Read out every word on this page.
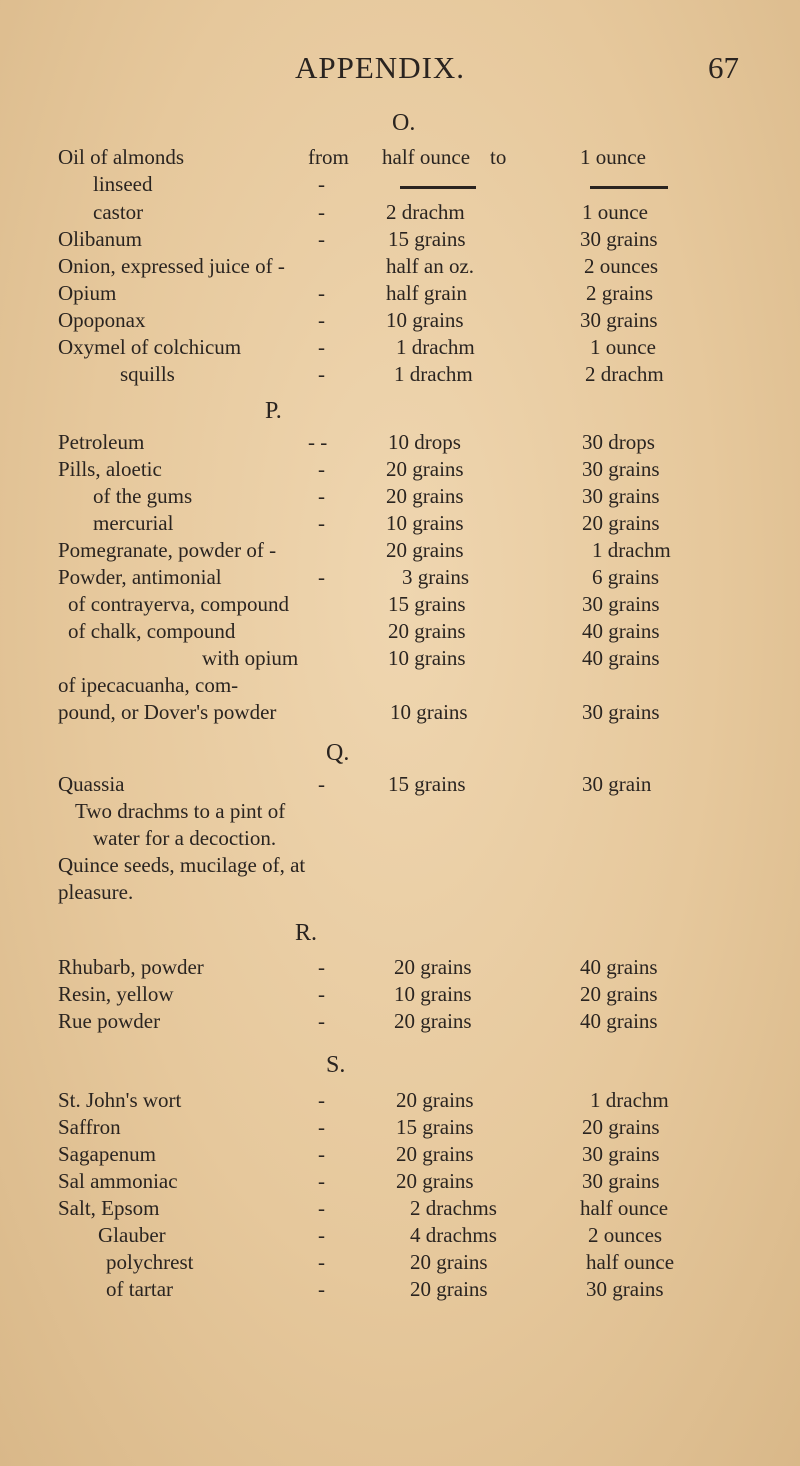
APPENDIX.	67
O.
Oil of almonds	from half ounce to	1 ounce
linseed	-
castor	-	2 drachm	1 ounce
Olibanum	-	15 grains	30 grains
Onion, expressed juice of -	half an oz.	2 ounces
Opium	-	half grain	2 grains
Opoponax	-	10 grains	30 grains
Oxymel of colchicum	-	1 drachm	1 ounce
squills	-	1 drachm	2 drachm
P.
Petroleum	- -	10 drops	30 drops
Pills, aloetic	-	20 grains	30 grains
of the gums	-	20 grains	30 grains
mercurial	-	10 grains	20 grains
Pomegranate, powder of -	20 grains	1 drachm
Powder, antimonial	-	3 grains	6 grains
of contrayerva, compound	15 grains	30 grains
of chalk, compound	20 grains	40 grains
with opium	10 grains	40 grains
of ipecacuanha, com-
pound, or Dover's powder	10 grains	30 grains
Q.
Quassia	-	15 grains	30 grain
Two drachms to a pint of
water for a decoction.
Quince seeds, mucilage of, at
pleasure.
R.
Rhubarb, powder	-	20 grains	40 grains
Resin, yellow	-	10 grains	20 grains
Rue powder	-	20 grains	40 grains
S.
St. John's wort	-	20 grains	1 drachm
Saffron	-	15 grains	20 grains
Sagapenum	-	20 grains	30 grains
Sal ammoniac	-	20 grains	30 grains
Salt, Epsom	-	2 drachms	half ounce
Glauber	-	4 drachms	2 ounces
polychrest	-	20 grains	half ounce
of tartar	-	20 grains	30 grains
